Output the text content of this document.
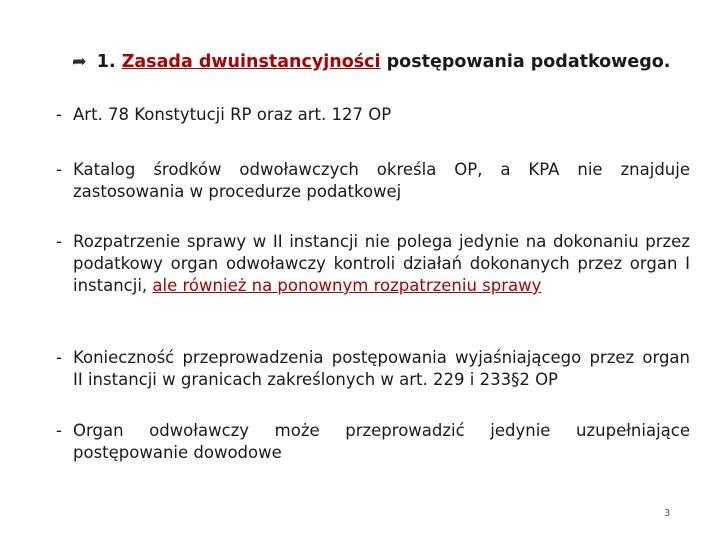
➦ 1. Zasada dwuinstancyjności postępowania podatkowego.
- Art. 78 Konstytucji RP oraz art. 127 OP
- Katalog środków odwoławczych określa OP, a KPA nie znajduje zastosowania w procedurze podatkowej
- Rozpatrzenie sprawy w II instancji nie polega jedynie na dokonaniu przez podatkowy organ odwoławczy kontroli działań dokonanych przez organ I instancji, ale również na ponownym rozpatrzeniu sprawy
- Konieczność przeprowadzenia postępowania wyjaśniającego przez organ II instancji w granicach zakreślonych w art. 229 i 233§2 OP
- Organ odwoławczy może przeprowadzić jedynie uzupełniające postępowanie dowodowe
3
